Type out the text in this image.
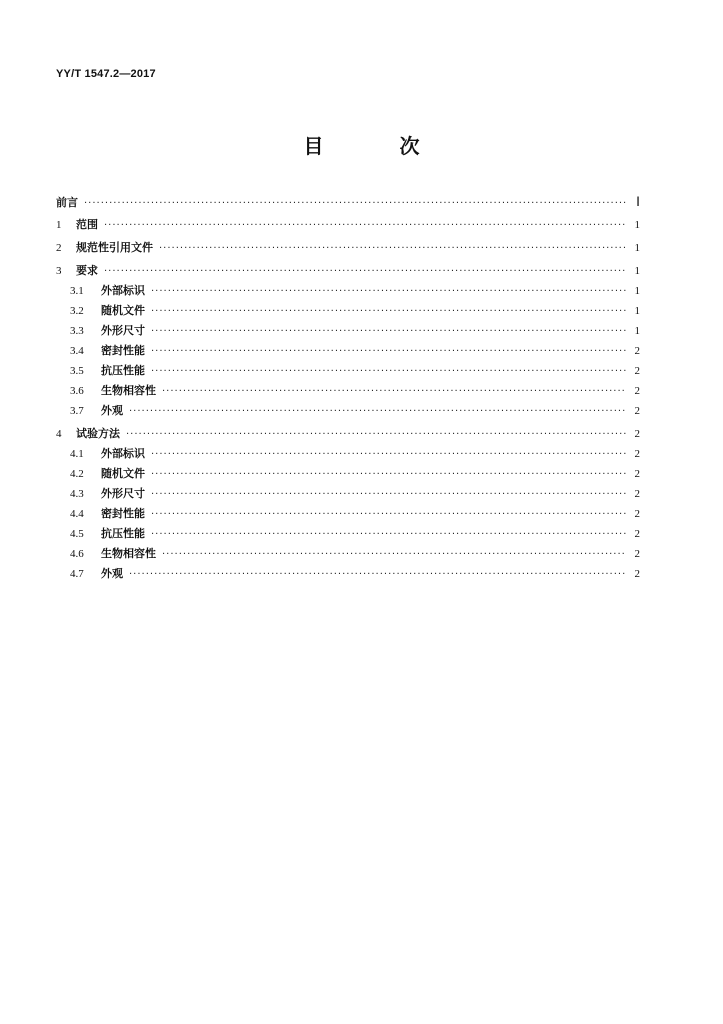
YY/T 1547.2—2017
目　次
前言 ·····	Ⅰ
1	范围 ·····	1
2	规范性引用文件 ·····	1
3	要求 ·····	1
3.1	外部标识 ·····	1
3.2	随机文件 ·····	1
3.3	外形尺寸 ·····	1
3.4	密封性能 ·····	2
3.5	抗压性能 ·····	2
3.6	生物相容性 ·····	2
3.7	外观 ·····	2
4	试验方法 ·····	2
4.1	外部标识 ·····	2
4.2	随机文件 ·····	2
4.3	外形尺寸 ·····	2
4.4	密封性能 ·····	2
4.5	抗压性能 ·····	2
4.6	生物相容性 ·····	2
4.7	外观 ·····	2
